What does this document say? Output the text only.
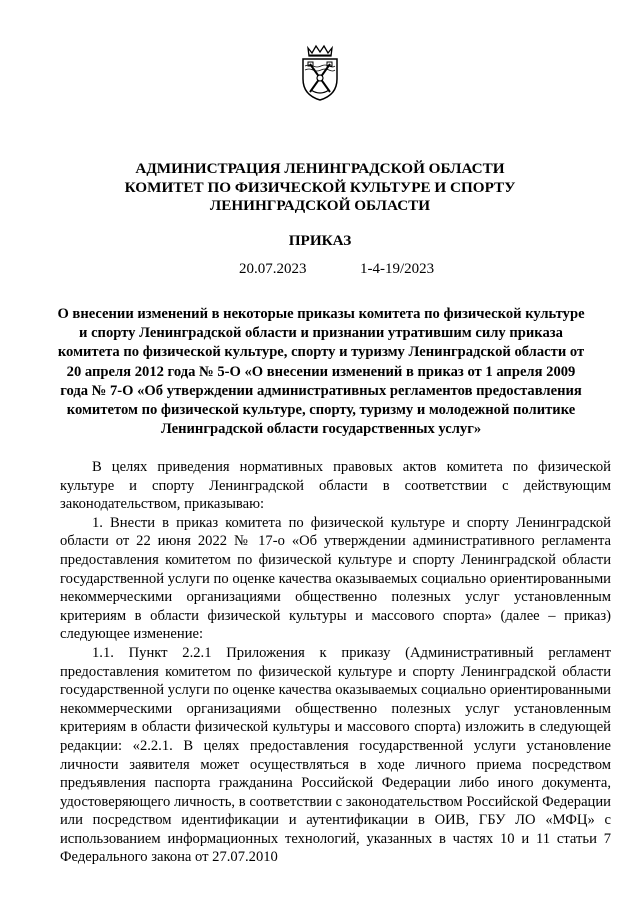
АДМИНИСТРАЦИЯ ЛЕНИНГРАДСКОЙ ОБЛАСТИ
КОМИТЕТ ПО ФИЗИЧЕСКОЙ КУЛЬТУРЕ И СПОРТУ
ЛЕНИНГРАДСКОЙ ОБЛАСТИ
ПРИКАЗ
20.07.2023	1-4-19/2023
О внесении изменений в некоторые приказы комитета по физической культуре и спорту Ленинградской области и признании утратившим силу приказа комитета по физической культуре, спорту и туризму Ленинградской области от 20 апреля 2012 года № 5-О «О внесении изменений в приказ от 1 апреля 2009 года № 7-О «Об утверждении административных регламентов предоставления комитетом по физической культуре, спорту, туризму и молодежной политике Ленинградской области государственных услуг»

В целях приведения нормативных правовых актов комитета по физической культуре и спорту Ленинградской области в соответствии с действующим законодательством, приказываю:

1. Внести в приказ комитета по физической культуре и спорту Ленинградской области от 22 июня 2022 № 17-о «Об утверждении административного регламента предоставления комитетом по физической культуре и спорту Ленинградской области государственной услуги по оценке качества оказываемых социально ориентированными некоммерческими организациями общественно полезных услуг установленным критериям в области физической культуры и массового спорта» (далее – приказ) следующее изменение:

1.1. Пункт 2.2.1 Приложения к приказу (Административный регламент предоставления комитетом по физической культуре и спорту Ленинградской области государственной услуги по оценке качества оказываемых социально ориентированными некоммерческими организациями общественно полезных услуг установленным критериям в области физической культуры и массового спорта) изложить в следующей редакции: «2.2.1. В целях предоставления государственной услуги установление личности заявителя может осуществляться в ходе личного приема посредством предъявления паспорта гражданина Российской Федерации либо иного документа, удостоверяющего личность, в соответствии с законодательством Российской Федерации или посредством идентификации и аутентификации в ОИВ, ГБУ ЛО «МФЦ» с использованием информационных технологий, указанных в частях 10 и 11 статьи 7 Федерального закона от 27.07.2010
